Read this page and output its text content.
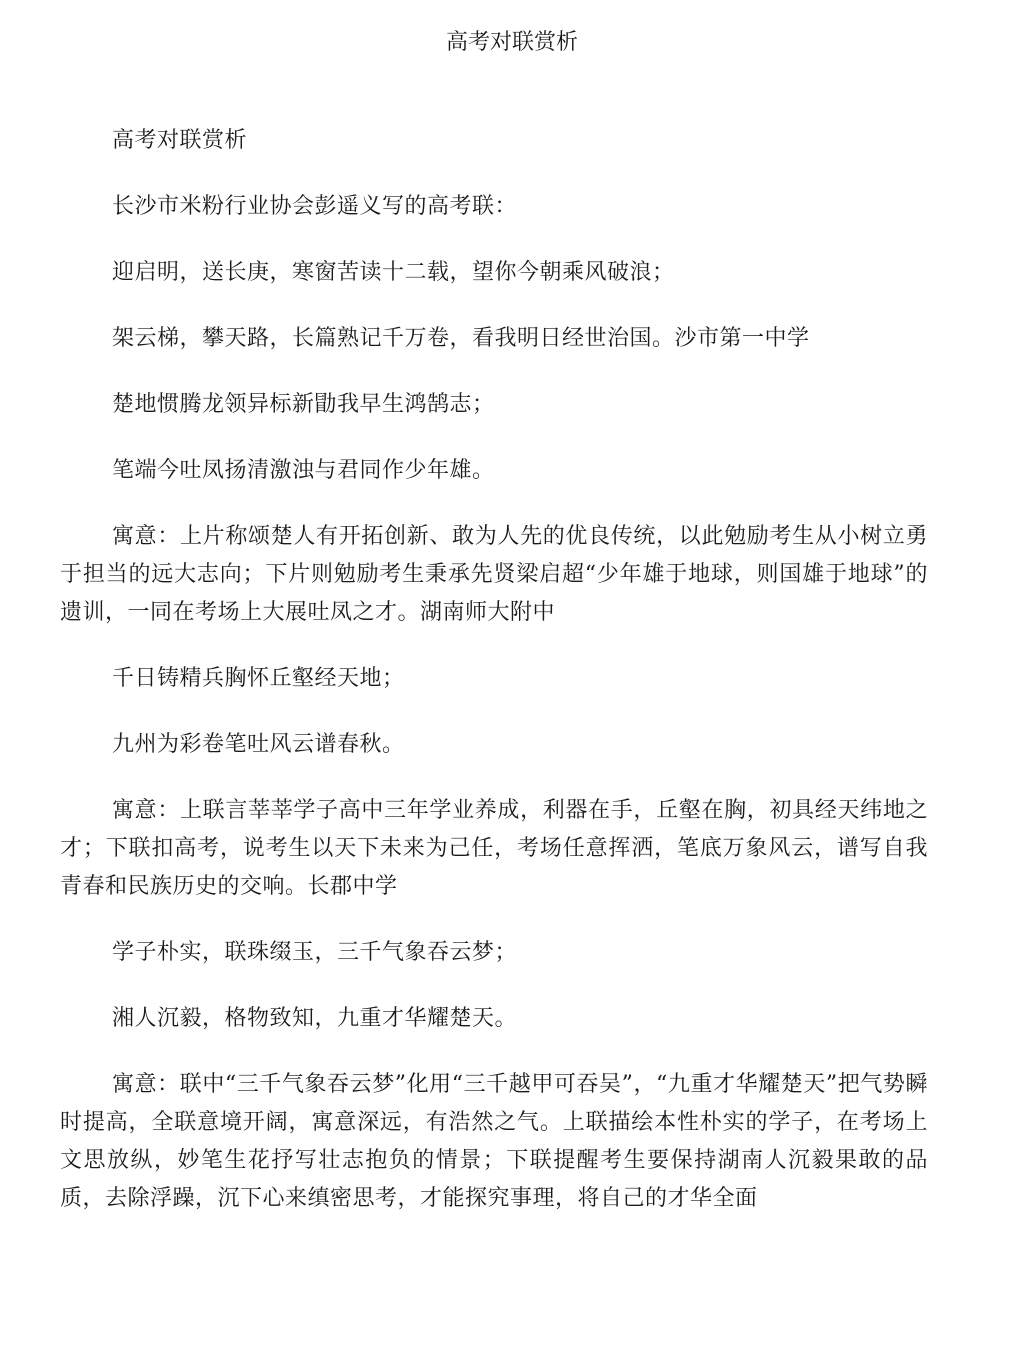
高考对联赏析

高考对联赏析

长沙市米粉行业协会彭遥义写的高考联：

迎启明，送长庚，寒窗苦读十二载，望你今朝乘风破浪；

架云梯，攀天路，长篇熟记千万卷，看我明日经世治国。沙市第一中学

楚地惯腾龙领异标新勖我早生鸿鹄志；

笔端今吐凤扬清激浊与君同作少年雄。

寓意：上片称颂楚人有开拓创新、敢为人先的优良传统，以此勉励考生从小树立勇于担当的远大志向；下片则勉励考生秉承先贤梁启超“少年雄于地球，则国雄于地球”的遗训，一同在考场上大展吐凤之才。湖南师大附中

千日铸精兵胸怀丘壑经天地；

九州为彩卷笔吐风云谱春秋。

寓意：上联言莘莘学子高中三年学业养成，利器在手，丘壑在胸，初具经天纬地之才；下联扣高考，说考生以天下未来为己任，考场任意挥洒，笔底万象风云，谱写自我青春和民族历史的交响。长郡中学

学子朴实，联珠缀玉，三千气象吞云梦；

湘人沉毅，格物致知，九重才华耀楚天。

寓意：联中“三千气象吞云梦”化用“三千越甲可吞吴”，“九重才华耀楚天”把气势瞬时提高，全联意境开阔，寓意深远，有浩然之气。上联描绘本性朴实的学子，在考场上文思放纵，妙笔生花抒写壮志抱负的情景；下联提醒考生要保持湖南人沉毅果敢的品质，去除浮躁，沉下心来缜密思考，才能探究事理，将自己的才华全面
